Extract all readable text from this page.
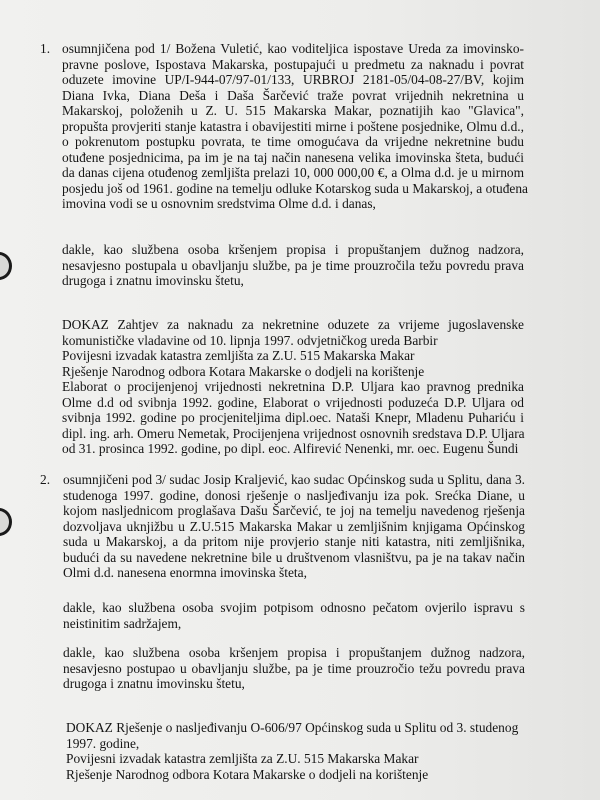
1. osumnjičena pod 1/ Božena Vuletić, kao voditeljica ispostave Ureda za imovinsko-
pravne poslove, Ispostava Makarska, postupajući u predmetu za naknadu i povrat
oduzete imovine UP/I-944-07/97-01/133, URBROJ 2181-05/04-08-27/BV, kojim
Diana Ivka, Diana Deša i Daša Šarčević traže povrat vrijednih nekretnina u
Makarskoj, položenih u Z. U. 515 Makarska Makar, poznatijih kao "Glavica",
propušta provjeriti stanje katastra i obavijestiti mirne i poštene posjednike, Olmu d.d.,
o pokrenutom postupku povrata, te time omogućava da vrijedne nekretnine budu
otuđene posjednicima, pa im je na taj način nanesena velika imovinska šteta, budući
da danas cijena otuđenog zemljišta prelazi 10, 000 000,00 €, a Olma d.d. je u mirnom
posjedu još od 1961. godine na temelju odluke Kotarskog suda u Makarskoj, a otuđena
imovina vodi se u osnovnim sredstvima Olme d.d. i danas,
dakle, kao službena osoba kršenjem propisa i propuštanjem dužnog nadzora,
nesavjesno postupala u obavljanju službe, pa je time prouzročila težu povredu prava
drugoga i znatnu imovinsku štetu,
DOKAZ Zahtjev za naknadu za nekretnine oduzete za vrijeme jugoslavenske
komunističke vladavine od 10. lipnja 1997. odvjetničkog ureda Barbir
Povijesni izvadak katastra zemljišta za Z.U. 515 Makarska Makar
Rješenje Narodnog odbora Kotara Makarske o dodjeli na korištenje
Elaborat o procijenjenoj vrijednosti nekretnina D.P. Uljara kao pravnog prednika
Olme d.d od svibnja 1992. godine, Elaborat o vrijednosti poduzeća D.P. Uljara od
svibnja 1992. godine po procjeniteljima dipl.oec. Nataši Knepr, Mladenu Puhariću i
dipl. ing. arh. Omeru Nemetak, Procijenjena vrijednost osnovnih sredstava D.P. Uljara
od 31. prosinca 1992. godine, po dipl. eoc. Alfirević Nenenki, mr. oec. Eugenu Šundi
2. osumnjičeni pod 3/ sudac Josip Kraljević, kao sudac Općinskog suda u Splitu, dana 3.
studenoga 1997. godine, donosi rješenje o nasljeđivanju iza pok. Srećka Diane, u
kojom nasljednicom proglašava Dašu Šarčević, te joj na temelju navedenog rješenja
dozvoljava uknjižbu u Z.U.515 Makarska Makar u zemljišnim knjigama Općinskog
suda u Makarskoj, a da pritom nije provjerio stanje niti katastra, niti zemljišnika,
budući da su navedene nekretnine bile u društvenom vlasništvu, pa je na takav način
Olmi d.d. nanesena enormna imovinska šteta,
dakle, kao službena osoba svojim potpisom odnosno pečatom ovjerilo ispravu s
neistinitim sadržajem,
dakle, kao službena osoba kršenjem propisa i propuštanjem dužnog nadzora,
nesavjesno postupao u obavljanju službe, pa je time prouzročio težu povredu prava
drugoga i znatnu imovinsku štetu,
DOKAZ Rješenje o nasljeđivanju O-606/97 Općinskog suda u Splitu od 3. studenog
1997. godine,
Povijesni izvadak katastra zemljišta za Z.U. 515 Makarska Makar
Rješenje Narodnog odbora Kotara Makarske o dodjeli na korištenje
